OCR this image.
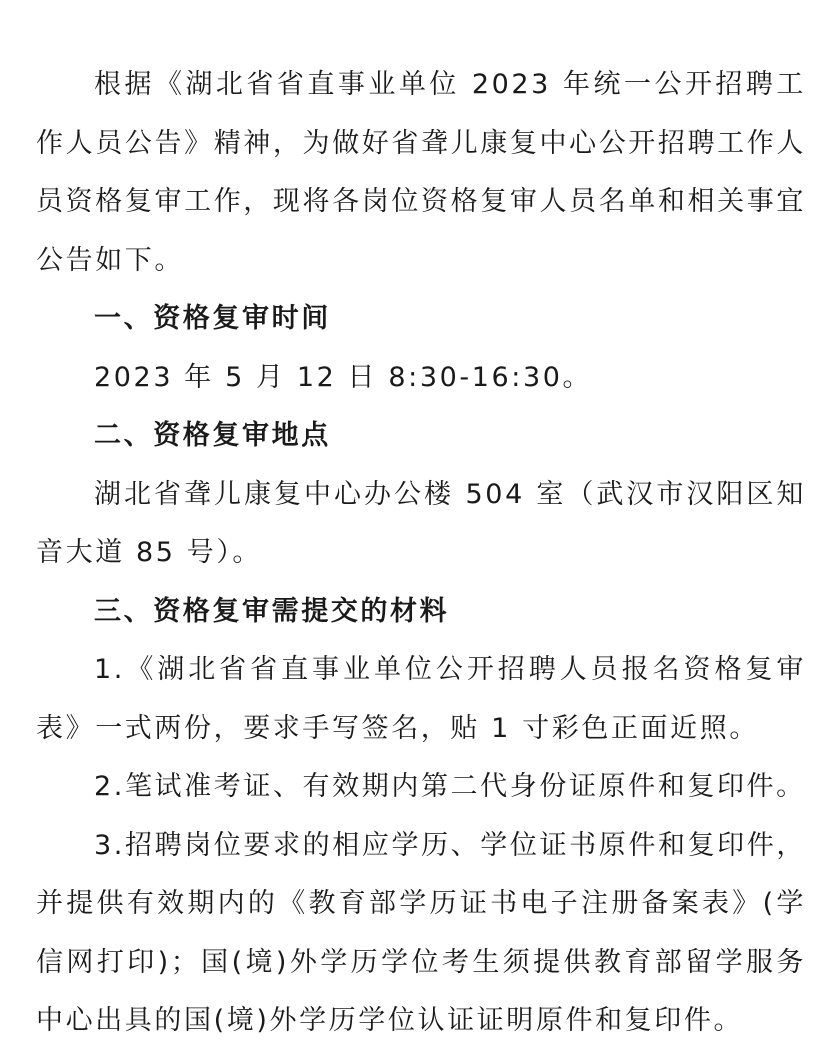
根据《湖北省省直事业单位 2023 年统一公开招聘工作人员公告》精神，为做好省聋儿康复中心公开招聘工作人员资格复审工作，现将各岗位资格复审人员名单和相关事宜公告如下。

一、资格复审时间

2023 年 5 月 12 日 8:30-16:30。

二、资格复审地点

湖北省聋儿康复中心办公楼 504 室（武汉市汉阳区知音大道 85 号）。

三、资格复审需提交的材料

1.《湖北省省直事业单位公开招聘人员报名资格复审表》一式两份，要求手写签名，贴 1 寸彩色正面近照。

2.笔试准考证、有效期内第二代身份证原件和复印件。

3.招聘岗位要求的相应学历、学位证书原件和复印件，并提供有效期内的《教育部学历证书电子注册备案表》(学信网打印)；国(境)外学历学位考生须提供教育部留学服务中心出具的国(境)外学历学位认证证明原件和复印件。
